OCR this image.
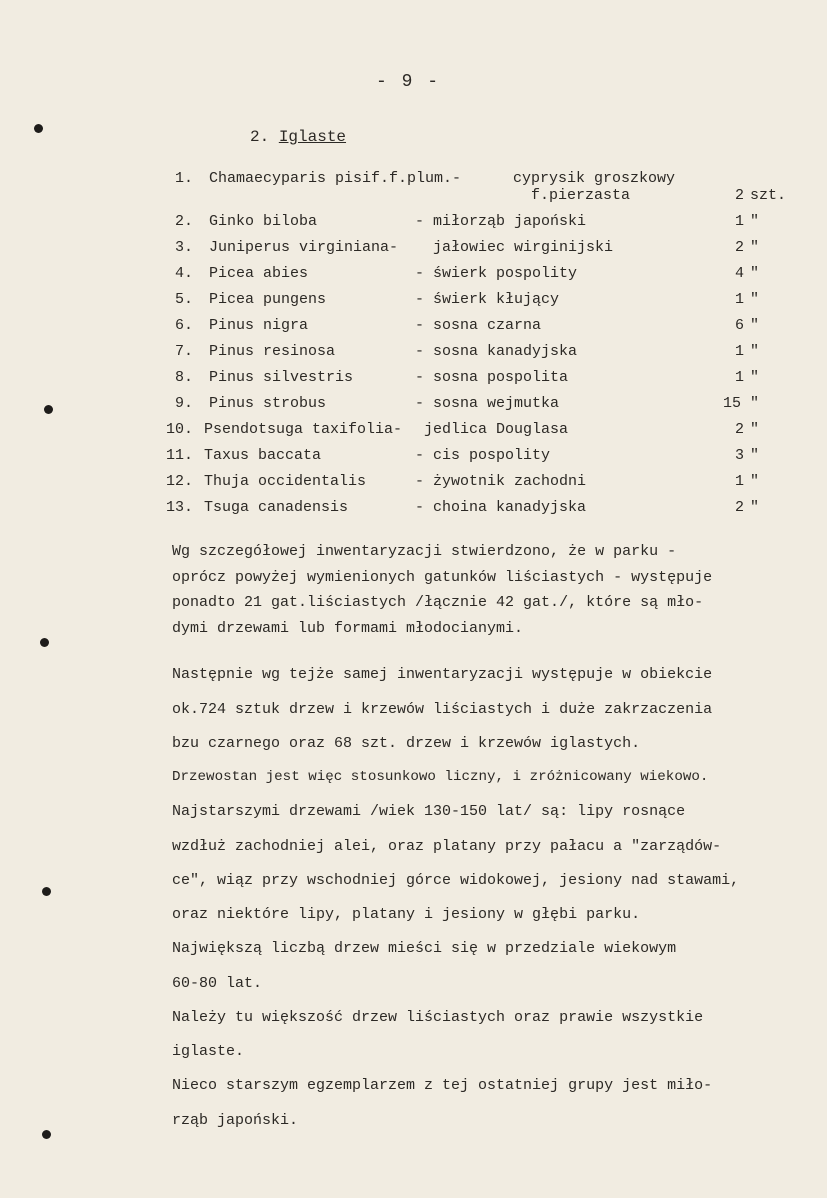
- 9 -
2. Iglaste
1. Chamaecyparis pisif.f.plum.-	cyprysik groszkowy
f.pierzasta	2 szt.
2. Ginko biloba	- miłorząb japoński	1 "
3. Juniperus virginiana- jałowiec wirginijski	2 "
4. Picea abies	- świerk pospolity	4 "
5. Picea pungens	- świerk kłujący	1 "
6. Pinus nigra	- sosna czarna	6 "
7. Pinus resinosa	- sosna kanadyjska	1 "
8. Pinus silvestris	- sosna pospolita	1 "
9. Pinus strobus	- sosna wejmutka	15 "
10. Psendotsuga taxifolia- jedlica Douglasa	2 "
11. Taxus baccata	- cis pospolity	3 "
12. Thuja occidentalis	- żywotnik zachodni	1 "
13. Tsuga canadensis	- choina kanadyjska	2 "
Wg szczegółowej inwentaryzacji stwierdzono, że w parku -
oprócz powyżej wymienionych gatunków liściastych - występuje
ponadto 21 gat.liściastych /łącznie 42 gat./, które są mło-
dymi drzewami lub formami młodocianymi.
Następnie wg tejże samej inwentaryzacji występuje w obiekcie
ok.724 sztuk drzew i krzewów liściastych i duże zakrzaczenia
bzu czarnego oraz 68 szt. drzew i krzewów iglastych.
Drzewostan jest więc stosunkowo liczny, i zróżnicowany wiekowo.
Najstarszymi drzewami /wiek 130-150 lat/ są: lipy rosnące
wzdłuż zachodniej alei, oraz platany przy pałacu a "zarządów-
ce", wiąz przy wschodniej górce widokowej, jesiony nad stawami,
oraz niektóre lipy, platany i jesiony w głębi parku.
Największą liczbą drzew mieści się w przedziale wiekowym
60-80 lat.
Należy tu większość drzew liściastych oraz prawie wszystkie
iglaste.
Nieco starszym egzemplarzem z tej ostatniej grupy jest miło-
rząb japoński.
